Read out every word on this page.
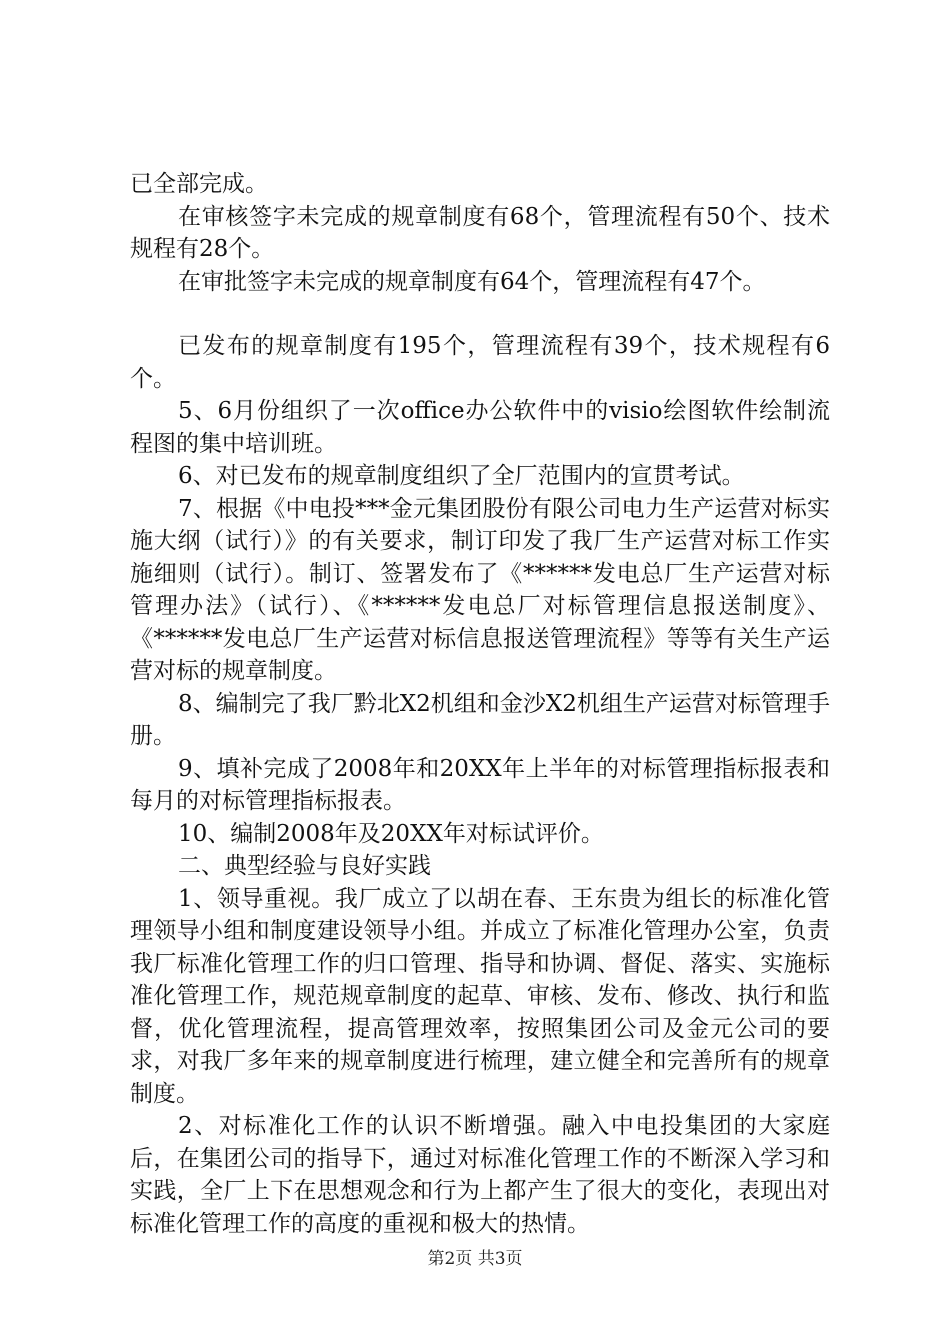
已全部完成。

在审核签字未完成的规章制度有68个，管理流程有50个、技术规程有28个。

在审批签字未完成的规章制度有64个，管理流程有47个。

已发布的规章制度有195个，管理流程有39个，技术规程有6个。

5、6月份组织了一次office办公软件中的visio绘图软件绘制流程图的集中培训班。

6、对已发布的规章制度组织了全厂范围内的宣贯考试。

7、根据《中电投***金元集团股份有限公司电力生产运营对标实施大纲（试行）》的有关要求，制订印发了我厂生产运营对标工作实施细则（试行）。制订、签署发布了《******发电总厂生产运营对标管理办法》（试行）、《******发电总厂对标管理信息报送制度》、《******发电总厂生产运营对标信息报送管理流程》等等有关生产运营对标的规章制度。

8、编制完了我厂黔北X2机组和金沙X2机组生产运营对标管理手册。

9、填补完成了2008年和20XX年上半年的对标管理指标报表和每月的对标管理指标报表。

10、编制2008年及20XX年对标试评价。

二、典型经验与良好实践

1、领导重视。我厂成立了以胡在春、王东贵为组长的标准化管理领导小组和制度建设领导小组。并成立了标准化管理办公室，负责我厂标准化管理工作的归口管理、指导和协调、督促、落实、实施标准化管理工作，规范规章制度的起草、审核、发布、修改、执行和监督，优化管理流程，提高管理效率，按照集团公司及金元公司的要求，对我厂多年来的规章制度进行梳理，建立健全和完善所有的规章制度。

2、对标准化工作的认识不断增强。融入中电投集团的大家庭后，在集团公司的指导下，通过对标准化管理工作的不断深入学习和实践，全厂上下在思想观念和行为上都产生了很大的变化，表现出对标准化管理工作的高度的重视和极大的热情。

第2页 共3页
